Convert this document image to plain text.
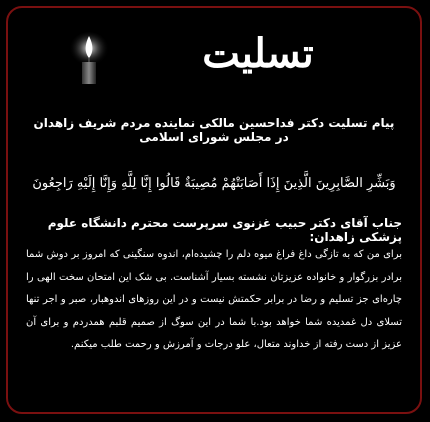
تسلیت
پیام تسلیت دکتر فداحسین مالکی نماینده مردم شریف زاهدان در مجلس شورای اسلامی
وَبَشِّرِ الصَّابِرِينَ الَّذِينَ إِذَا أَصَابَتْهُمْ مُصِيبَةٌ قَالُوا إِنَّا لِلَّهِ وَإِنَّا إِلَيْهِ رَاجِعُونَ
جناب آقای دکتر حبیب غزنوی سرپرست محترم دانشگاه علوم پزشکی زاهدان:
برای من که به تازگی داغ فراغ میوه دلم را چشیده‌ام، اندوه سنگینی که امروز بر دوش شما برادر بزرگوار و خانواده عزیزتان نشسته بسیار آشناست. بی شک این امتحان سخت الهی را چاره‌ای جز تسلیم و رضا در برابر حکمتش نیست و در این روزهای اندوهبار، صبر و اجر تنها تسلای دل غمدیده شما خواهد بود.با شما در این سوگ از صمیم قلبم همدردم و برای آن عزیز از دست رفته از خداوند متعال، علو درجات و آمرزش و رحمت طلب میکنم.
